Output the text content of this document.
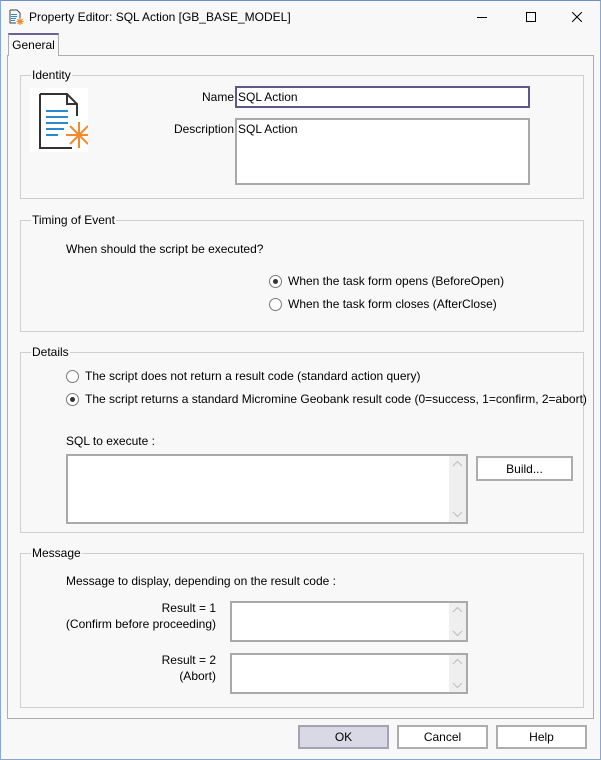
Property Editor: SQL Action [GB_BASE_MODEL]
General
Identity
Name SQL Action
Description SQL Action
Timing of Event
When should the script be executed?
When the task form opens (BeforeOpen)
When the task form closes (AfterClose)
Details
The script does not return a result code (standard action query)
The script returns a standard Micromine Geobank result code (0=success, 1=confirm, 2=abort)
SQL to execute :
Build...
Message
Message to display, depending on the result code :
Result = 1
(Confirm before proceeding)
Result = 2
(Abort)
OK	Cancel	Help
